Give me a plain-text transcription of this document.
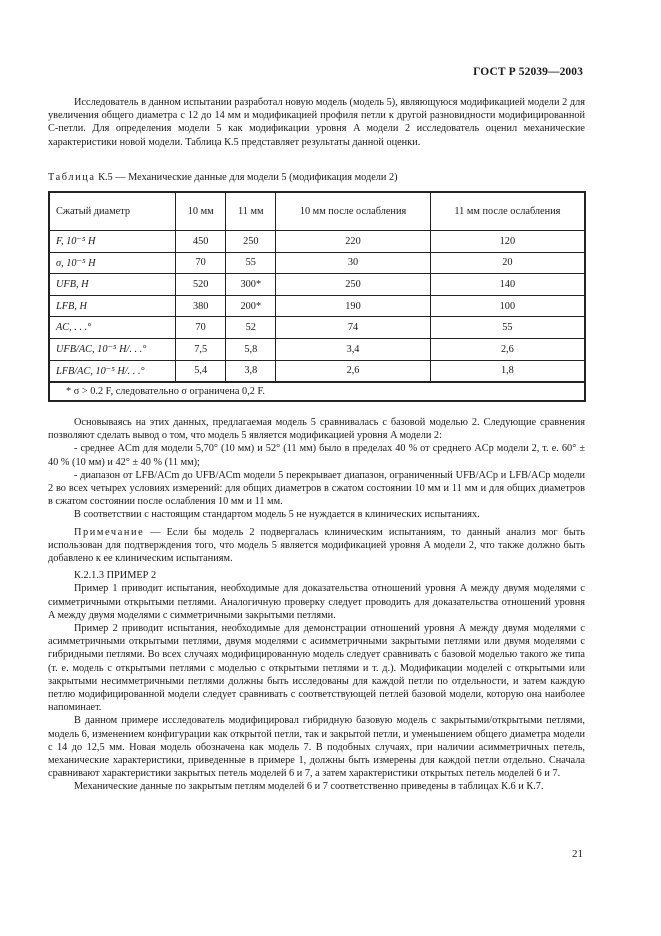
ГОСТ Р 52039—2003

Исследователь в данном испытании разработал новую модель (модель 5), являющуюся модификацией модели 2 для увеличения общего диаметра с 12 до 14 мм и модификацией профиля петли к другой разновидности модифицированной C-петли. Для определения модели 5 как модификации уровня A модели 2 исследователь оценил механические характеристики новой модели. Таблица К.5 представляет результаты данной оценки.

Таблица К.5 — Механические данные для модели 5 (модификация модели 2)
Сжатый диаметр	10 мм	11 мм	10 мм после ослабления	11 мм после ослабления
F, 10⁻⁵ Н	450	250	220	120
σ, 10⁻⁵ Н	70	55	30	20
UFB, Н	520	300*	250	140
LFB, Н	380	200*	190	100
AC, . . .°	70	52	74	55
UFB/AC, 10⁻⁵ Н/. . .°	7,5	5,8	3,4	2,6
LFB/AC, 10⁻⁵ Н/. . .°	5,4	3,8	2,6	1,8
* σ > 0.2 F, следовательно σ ограничена 0,2 F.

Основываясь на этих данных, предлагаемая модель 5 сравнивалась с базовой моделью 2. Следующие сравнения позволяют сделать вывод о том, что модель 5 является модификацией уровня A модели 2:

- среднее ACm для модели 5,70° (10 мм) и 52° (11 мм) было в пределах 40 % от среднего ACp модели 2, т. е. 60° ± 40 % (10 мм) и 42° ± 40 % (11 мм);

- диапазон от LFB/ACm до UFB/ACm модели 5 перекрывает диапазон, ограниченный UFB/ACp и LFB/ACp модели 2 во всех четырех условиях измерений: для общих диаметров в сжатом состоянии 10 мм и 11 мм и для общих диаметров в сжатом состоянии после ослабления 10 мм и 11 мм.

В соответствии с настоящим стандартом модель 5 не нуждается в клинических испытаниях.

Примечание — Если бы модель 2 подвергалась клиническим испытаниям, то данный анализ мог быть использован для подтверждения того, что модель 5 является модификацией уровня A модели 2, что также должно быть добавлено к ее клиническим испытаниям.

К.2.1.3 ПРИМЕР 2

Пример 1 приводит испытания, необходимые для доказательства отношений уровня A между двумя моделями с симметричными открытыми петлями. Аналогичную проверку следует проводить для доказательства отношений уровня A между двумя моделями с симметричными закрытыми петлями.

Пример 2 приводит испытания, необходимые для демонстрации отношений уровня A между двумя моделями с асимметричными открытыми петлями, двумя моделями с асимметричными закрытыми петлями или двумя моделями с гибридными петлями. Во всех случаях модифицированную модель следует сравнивать с базовой моделью такого же типа (т. е. модель с открытыми петлями с моделью с открытыми петлями и т. д.). Модификации моделей с открытыми или закрытыми несимметричными петлями должны быть исследованы для каждой петли по отдельности, и затем каждую петлю модифицированной модели следует сравнивать с соответствующей петлей базовой модели, которую она наиболее напоминает.

В данном примере исследователь модифицировал гибридную базовую модель с закрытыми/открытыми петлями, модель 6, изменением конфигурации как открытой петли, так и закрытой петли, и уменьшением общего диаметра модели с 14 до 12,5 мм. Новая модель обозначена как модель 7. В подобных случаях, при наличии асимметричных петель, механические характеристики, приведенные в примере 1, должны быть измерены для каждой петли отдельно. Сначала сравнивают характеристики закрытых петель моделей 6 и 7, а затем характеристики открытых петель моделей 6 и 7.

Механические данные по закрытым петлям моделей 6 и 7 соответственно приведены в таблицах К.6 и К.7.

21
